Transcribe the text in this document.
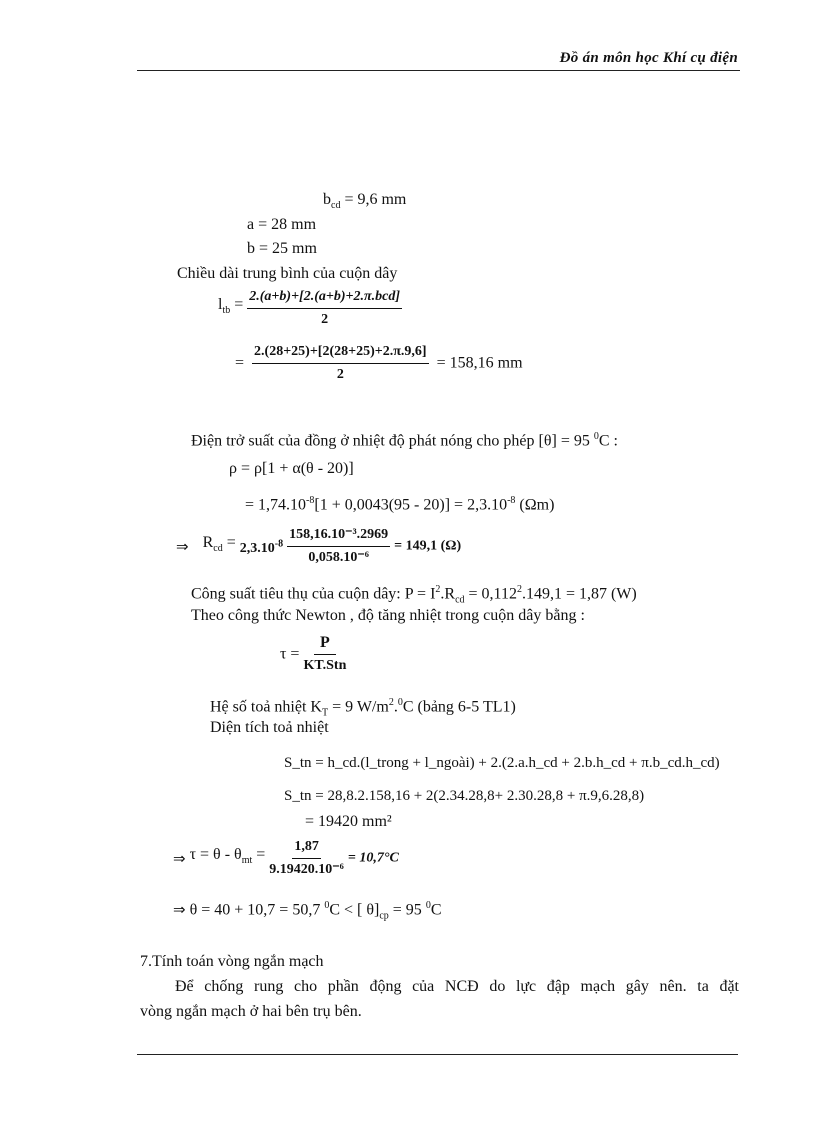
Đồ án môn học Khí cụ điện
$b_{cd} = 9,6$ mm
a = 28 mm
b = 25 mm
Chiều dài trung bình của cuộn dây
$l_{tb} = \frac{\text{2.(a+b)+[2.(a+b)+2.π.bcd]}}{2}$
= $\frac{2.(28+25)+[2(28+25)+2.\pi.9,6]}{2} = 158,16$ mm
Điện trở suất của đồng ở nhiệt độ phát nóng cho phép [θ] = 95 $^0$C :
ρ = ρ[1 + α(θ - 20)]
= $1,74.10^{-8}[1 + 0,0043(95 - 20)] = 2,3.10^{-8}$ (Ωm)
⇒ $R_{cd} = 2,3.10^{-8} \frac{\text{158,16.10⁻³.2969}}{\text{0,058.10⁻⁶}} = 149,1$ (Ω)
Công suất tiêu thụ của cuộn dây: $P = I^2.R_{cd} = 0,112^2.149,1 = 1,87$ (W)
Theo công thức Newton , độ tăng nhiệt trong cuộn dây bằng :
$\tau = \frac{P}{\text{KT.Stn}}$
Hệ số toả nhiệt $K_T = 9$ $W/m^2.^0C$ (bảng 6-5 TL1)
Diện tích toả nhiệt
S_tn = h_cd.(l_trong + l_ngoài) + 2.(2.a.h_cd + 2.b.h_cd + π.b_cd.h_cd)
S_tn = 28,8.2.158,16 + 2(2.34.28,8+ 2.30.28,8 + π.9,6.28,8)
= 19420 mm²
⇒ $\tau = \theta - \theta_{mt} = \frac{1,87}{\text{9.19420.10⁻⁶}} = 10,7^\circ C$
⇒ θ = 40 + 10,7 = 50,7 $^0$C < [ $\theta]_{cp} = 95$ $^0$C
7.Tính toán vòng ngắn mạch
Để chống rung cho phần động của NCĐ do lực đập mạch gây nên. ta đặt
vòng ngắn mạch ở hai bên trụ bên.
